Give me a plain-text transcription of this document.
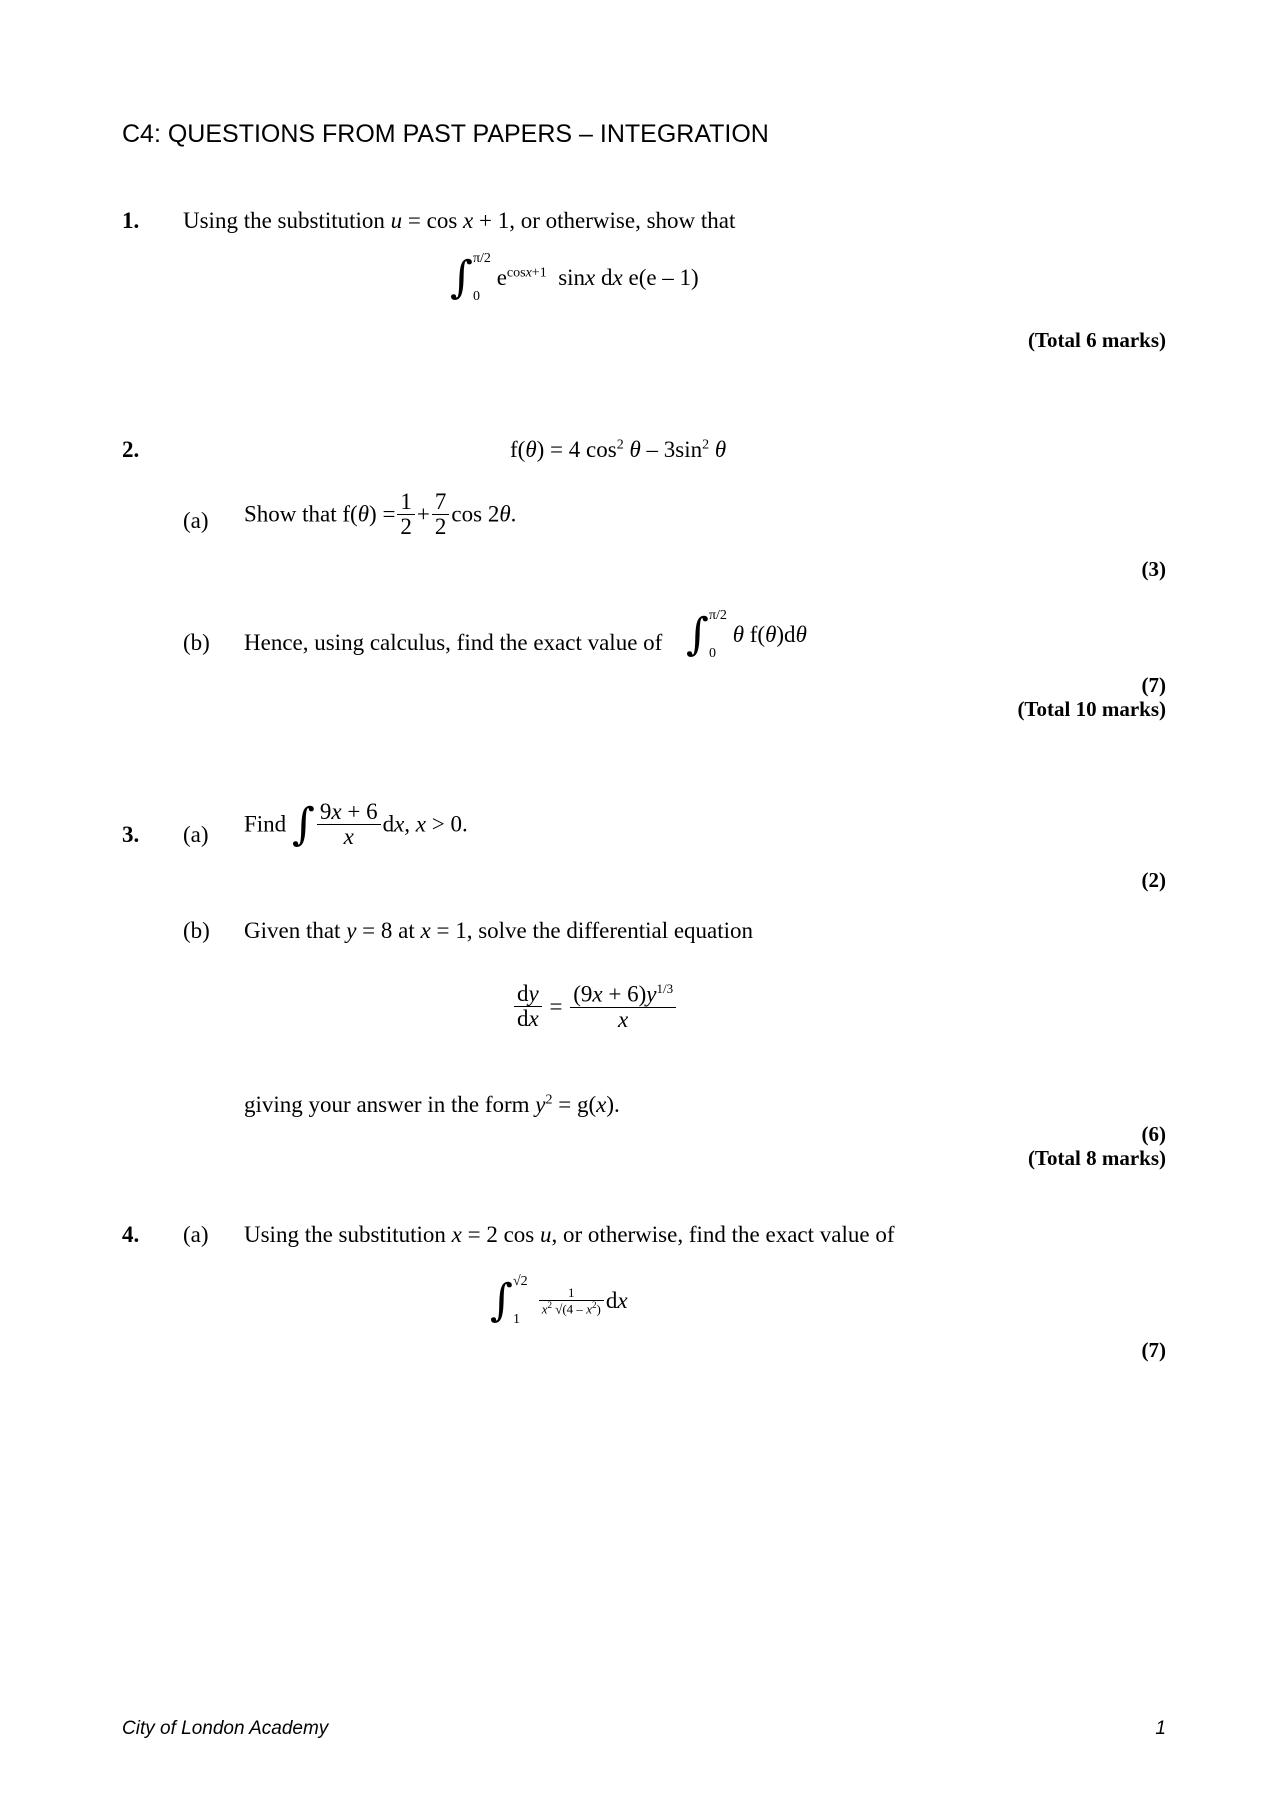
C4: QUESTIONS FROM PAST PAPERS – INTEGRATION
1. Using the substitution u = cos x + 1, or otherwise, show that
∫ π/2
0
$e^{cosx+1}$  sinx dx e(e – 1)
(Total 6 marks)
2.	f(θ) = 4 $\cos^2 \theta - 3\sin^2$ θ
(a) Show that $f(\theta) = \frac{1}{2} + \frac{7}{2}$ cos 2θ.
(3)
(b) Hence, using calculus, find the exact value of ∫ π/2
0
θ f(θ)dθ
(7)
(Total 10 marks)
3. (a) Find ∫ $\frac{9x + 6}{x}$ dx, x > 0.
(2)
(b) Given that y = 8 at x = 1, solve the differential equation
$\frac{dy}{dx} = \frac{(9x + 6)y^{1/3}}{x}$
giving your answer in the form $y^2 = g(x)$.
(6)
(Total 8 marks)
4. (a) Using the substitution x = 2 cos u, or otherwise, find the exact value of
∫ √2
1

$\frac{1}{x^2 √(4 - x^2)}$ dx
(7)
City of London Academy	1
